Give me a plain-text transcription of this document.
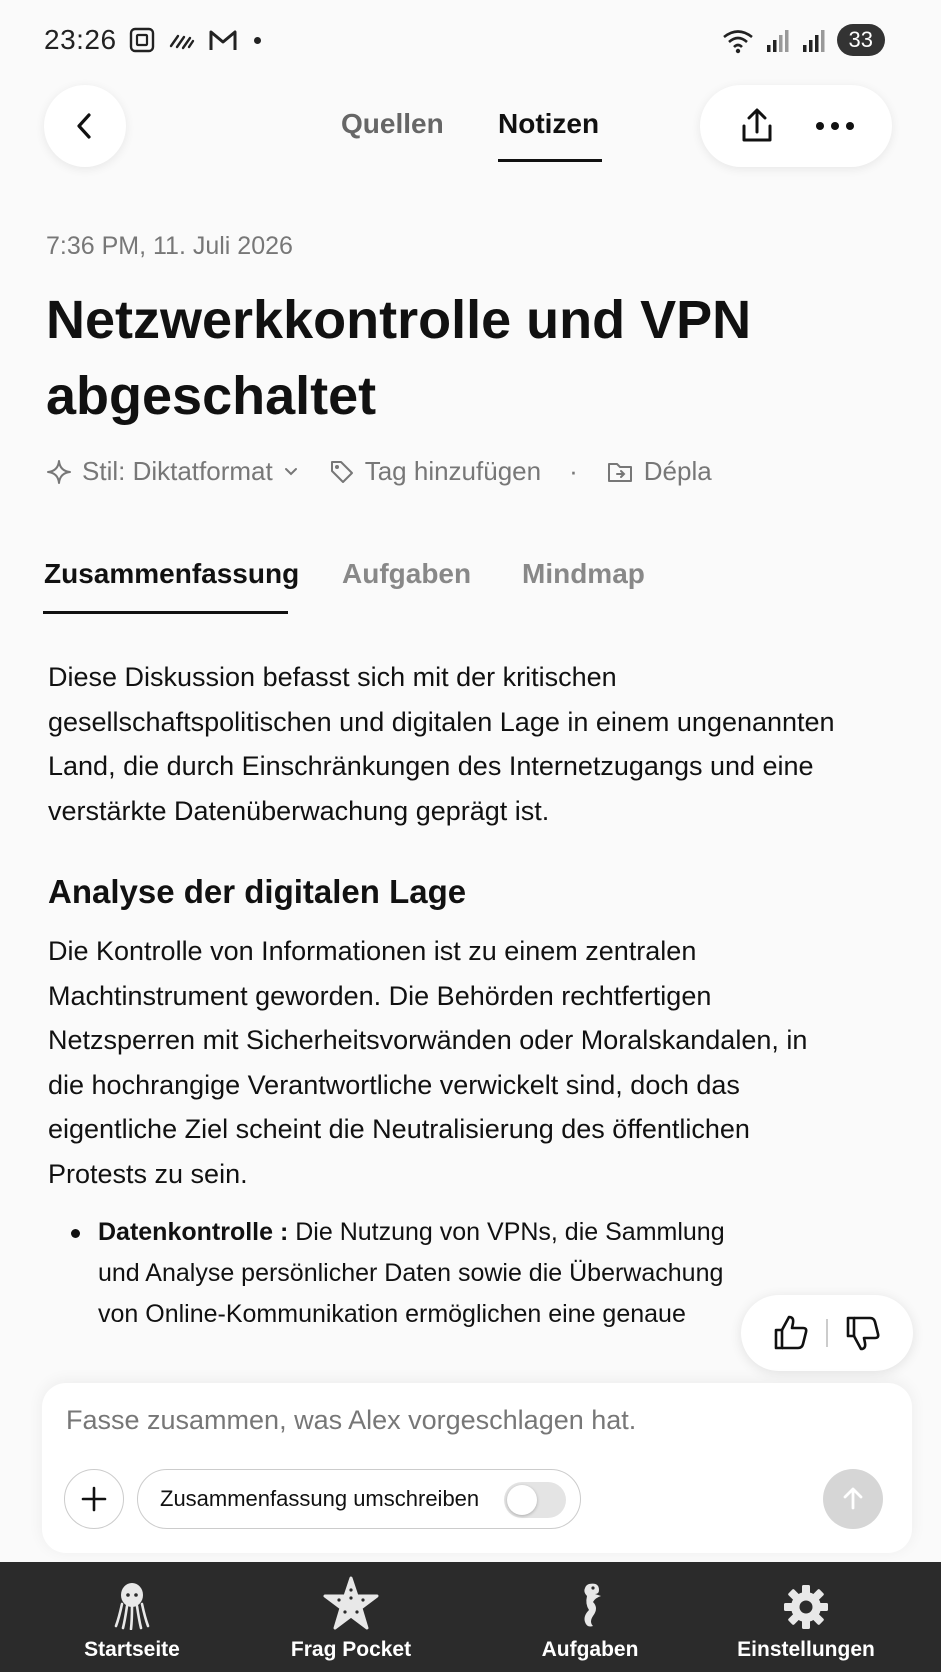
23:26	33
Quellen Notizen
7:36 PM, 11. Juli 2026
Netzwerkkontrolle und VPN
abgeschaltet
Stil: Diktatformat	Tag hinzufügen ·	Dépla
Zusammenfassung Aufgaben Mindmap

Diese Diskussion befasst sich mit der kritischen gesellschaftspolitischen und digitalen Lage in einem ungenannten Land, die durch Einschränkungen des Internetzugangs und eine verstärkte Datenüberwachung geprägt ist.

Analyse der digitalen Lage

Die Kontrolle von Informationen ist zu einem zentralen Machtinstrument geworden. Die Behörden rechtfertigen Netzsperren mit Sicherheitsvorwänden oder Moralskandalen, in die hochrangige Verantwortliche verwickelt sind, doch das eigentliche Ziel scheint die Neutralisierung des öffentlichen Protests zu sein.

Datenkontrolle : Die Nutzung von VPNs, die Sammlung und Analyse persönlicher Daten sowie die Überwachung von Online-Kommunikation ermöglichen eine genaue
Fasse zusammen, was Alex vorgeschlagen hat.
Zusammenfassung umschreiben
Startseite	Frag Pocket	Aufgaben	Einstellungen
